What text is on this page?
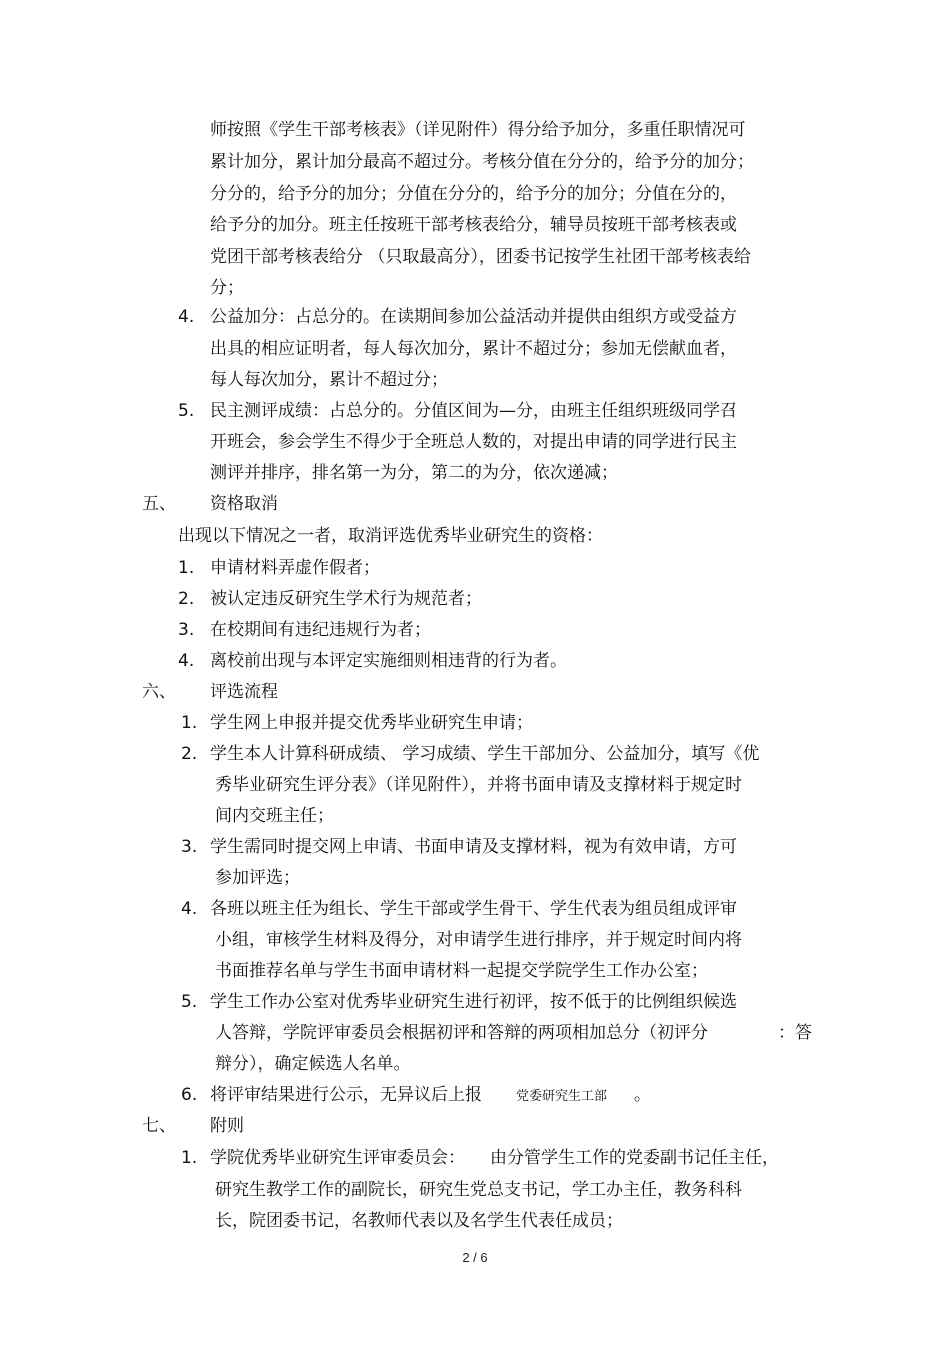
师按照《学生干部考核表》（详见附件）得分给予加分，多重任职情况可
累计加分，累计加分最高不超过分。考核分值在分分的，给予分的加分；
分分的，给予分的加分；分值在分分的，给予分的加分；分值在分的，
给予分的加分。班主任按班干部考核表给分，辅导员按班干部考核表或
党团干部考核表给分 （只取最高分），团委书记按学生社团干部考核表给
分；
4. 公益加分：占总分的。在读期间参加公益活动并提供由组织方或受益方
出具的相应证明者，每人每次加分，累计不超过分；参加无偿献血者，
每人每次加分，累计不超过分；
5. 民主测评成绩：占总分的。分值区间为—分，由班主任组织班级同学召
开班会，参会学生不得少于全班总人数的，对提出申请的同学进行民主
测评并排序，排名第一为分，第二的为分，依次递减；
五、 资格取消
出现以下情况之一者，取消评选优秀毕业研究生的资格：
1. 申请材料弄虚作假者；
2. 被认定违反研究生学术行为规范者；
3. 在校期间有违纪违规行为者；
4. 离校前出现与本评定实施细则相违背的行为者。
六、 评选流程
1. 学生网上申报并提交优秀毕业研究生申请；
2. 学生本人计算科研成绩、 学习成绩、学生干部加分、公益加分，填写《优
秀毕业研究生评分表》（详见附件），并将书面申请及支撑材料于规定时
间内交班主任；
3. 学生需同时提交网上申请、书面申请及支撑材料，视为有效申请，方可
参加评选；
4. 各班以班主任为组长、学生干部或学生骨干、学生代表为组员组成评审
小组，审核学生材料及得分，对申请学生进行排序，并于规定时间内将
书面推荐名单与学生书面申请材料一起提交学院学生工作办公室；
5. 学生工作办公室对优秀毕业研究生进行初评，按不低于的比例组织候选
人答辩，学院评审委员会根据初评和答辩的两项相加总分（初评分	：答
辩分），确定候选人名单。
6. 将评审结果进行公示，无异议后上报	党委研究生工部 。
七、 附则
1. 学院优秀毕业研究生评审委员会： 由分管学生工作的党委副书记任主任，
研究生教学工作的副院长，研究生党总支书记，学工办主任，教务科科
长，院团委书记，名教师代表以及名学生代表任成员；
2 / 6
